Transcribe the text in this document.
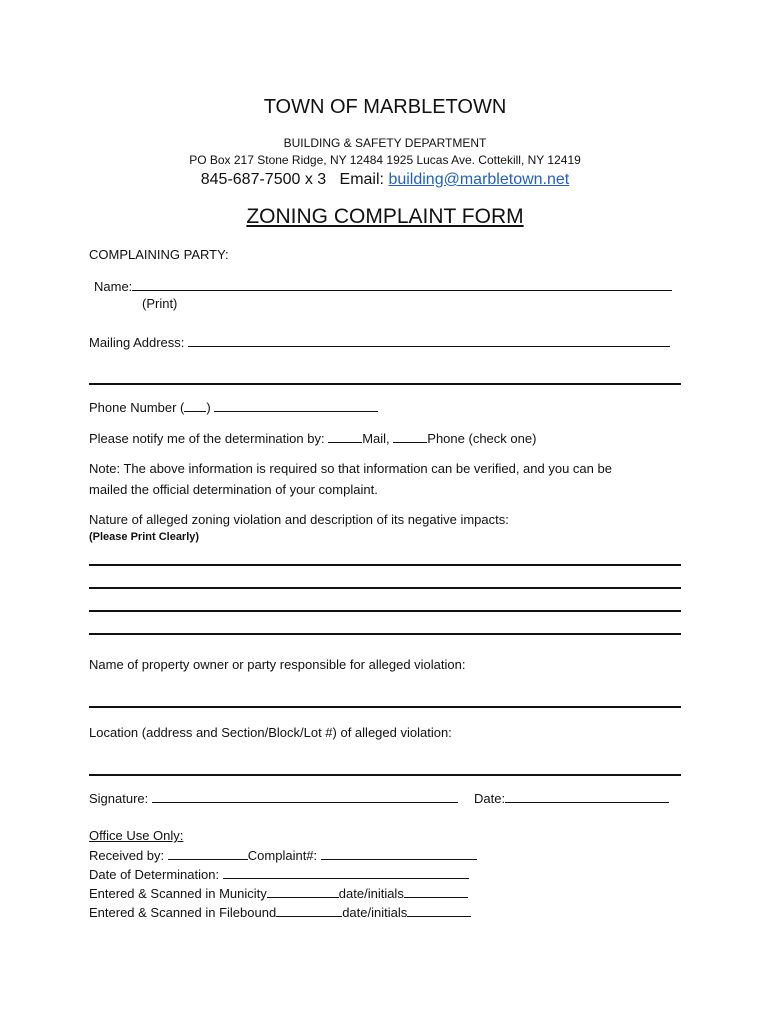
TOWN OF MARBLETOWN
BUILDING & SAFETY DEPARTMENT
PO Box 217 Stone Ridge, NY 12484 1925 Lucas Ave. Cottekill, NY 12419
845-687-7500 x 3 Email: building@marbletown.net
ZONING COMPLAINT FORM
COMPLAINING PARTY:
Name:
(Print)
Mailing Address:
Phone Number ( )
Please notify me of the determination by:	Mail,	Phone (check one)
Note: The above information is required so that information can be verified, and you can be
mailed the official determination of your complaint.
Nature of alleged zoning violation and description of its negative impacts:
(Please Print Clearly)
Name of property owner or party responsible for alleged violation:
Location (address and Section/Block/Lot #) of alleged violation:
Signature:	Date:
Office Use Only:
Received by:	Complaint#:
Date of Determination:
Entered & Scanned in Municity	date/initials
Entered & Scanned in Filebound	date/initials
